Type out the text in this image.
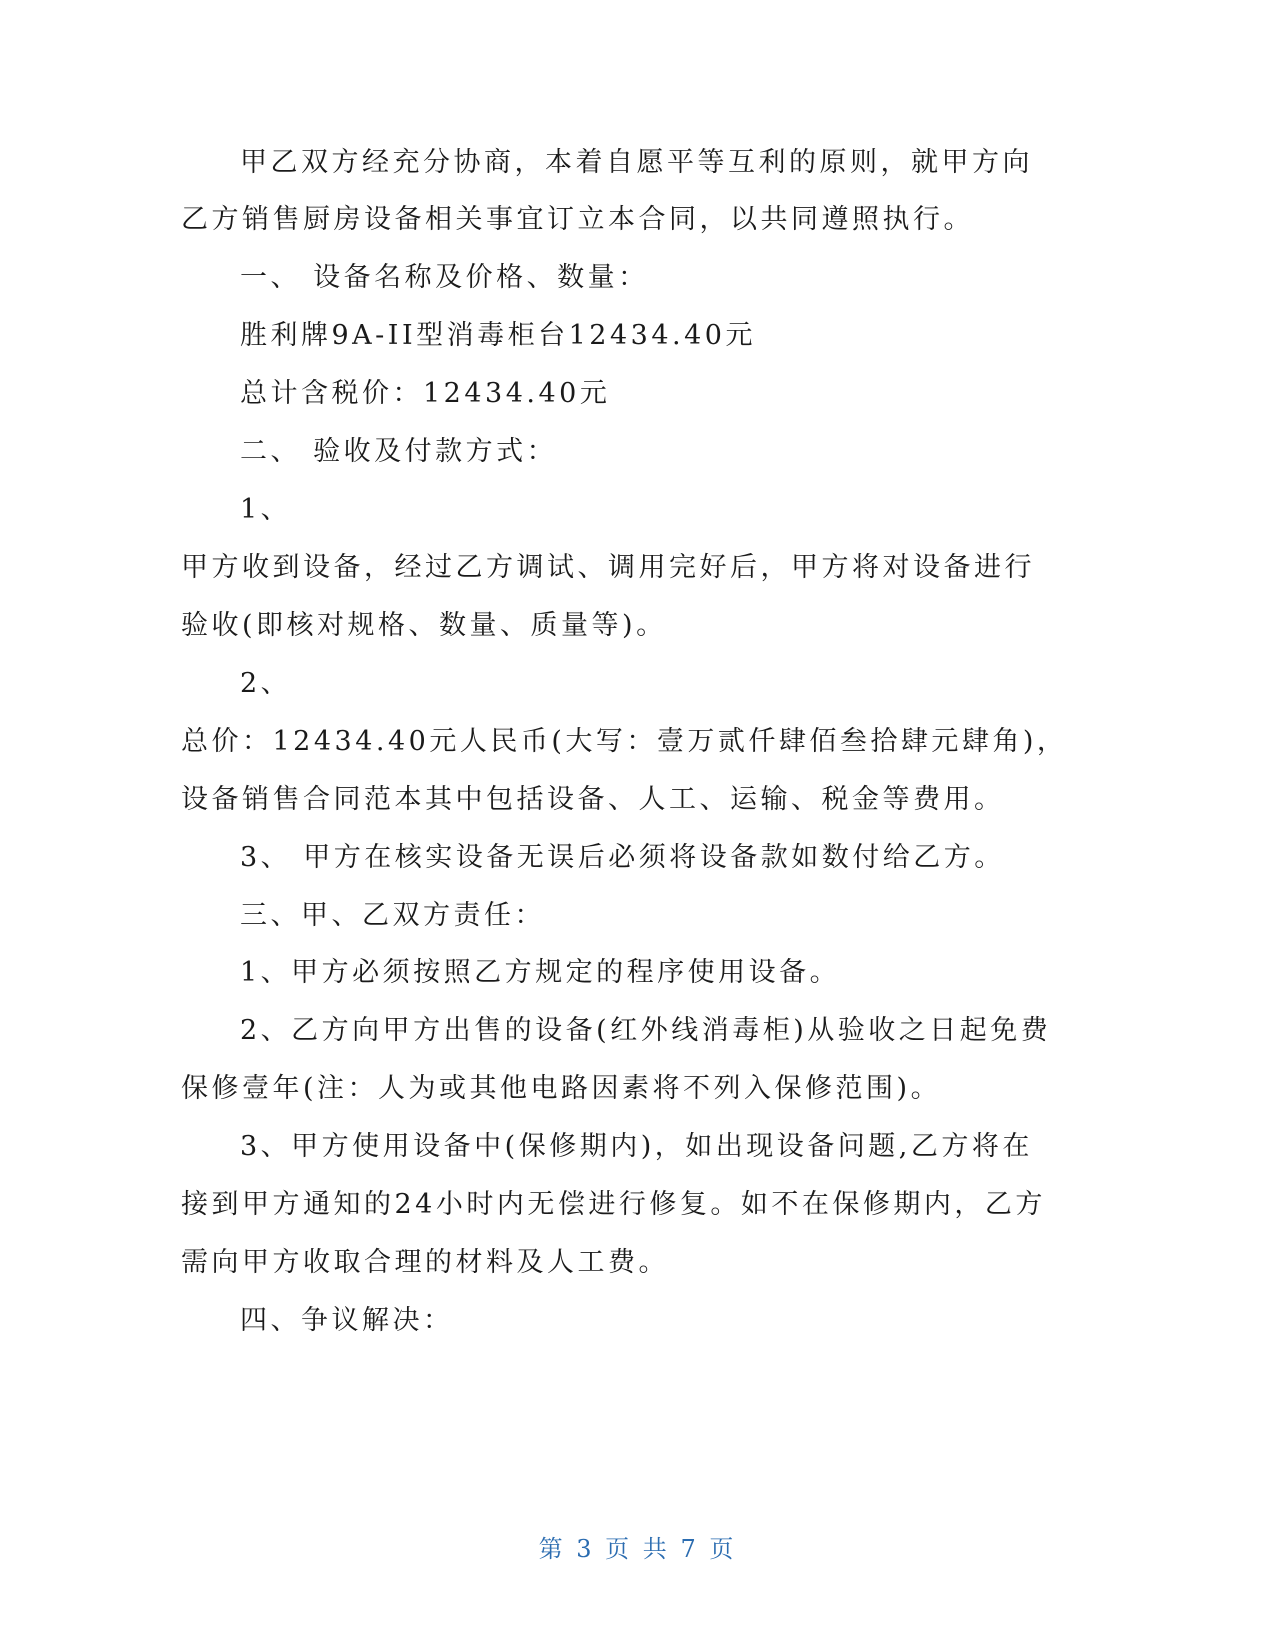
甲乙双方经充分协商，本着自愿平等互利的原则，就甲方向
乙方销售厨房设备相关事宜订立本合同，以共同遵照执行。
一、 设备名称及价格、数量：
胜利牌9A-II型消毒柜台12434.40元
总计含税价：12434.40元
二、 验收及付款方式：
1、
甲方收到设备，经过乙方调试、调用完好后，甲方将对设备进行
验收(即核对规格、数量、质量等)。
2、
总价：12434.40元人民币(大写：壹万贰仟肆佰叁拾肆元肆角)，
设备销售合同范本其中包括设备、人工、运输、税金等费用。
3、 甲方在核实设备无误后必须将设备款如数付给乙方。
三、甲、乙双方责任：
1、甲方必须按照乙方规定的程序使用设备。
2、乙方向甲方出售的设备(红外线消毒柜)从验收之日起免费
保修壹年(注：人为或其他电路因素将不列入保修范围)。
3、甲方使用设备中(保修期内)，如出现设备问题,乙方将在
接到甲方通知的24小时内无偿进行修复。如不在保修期内，乙方
需向甲方收取合理的材料及人工费。
四、争议解决：
第 3 页 共 7 页
